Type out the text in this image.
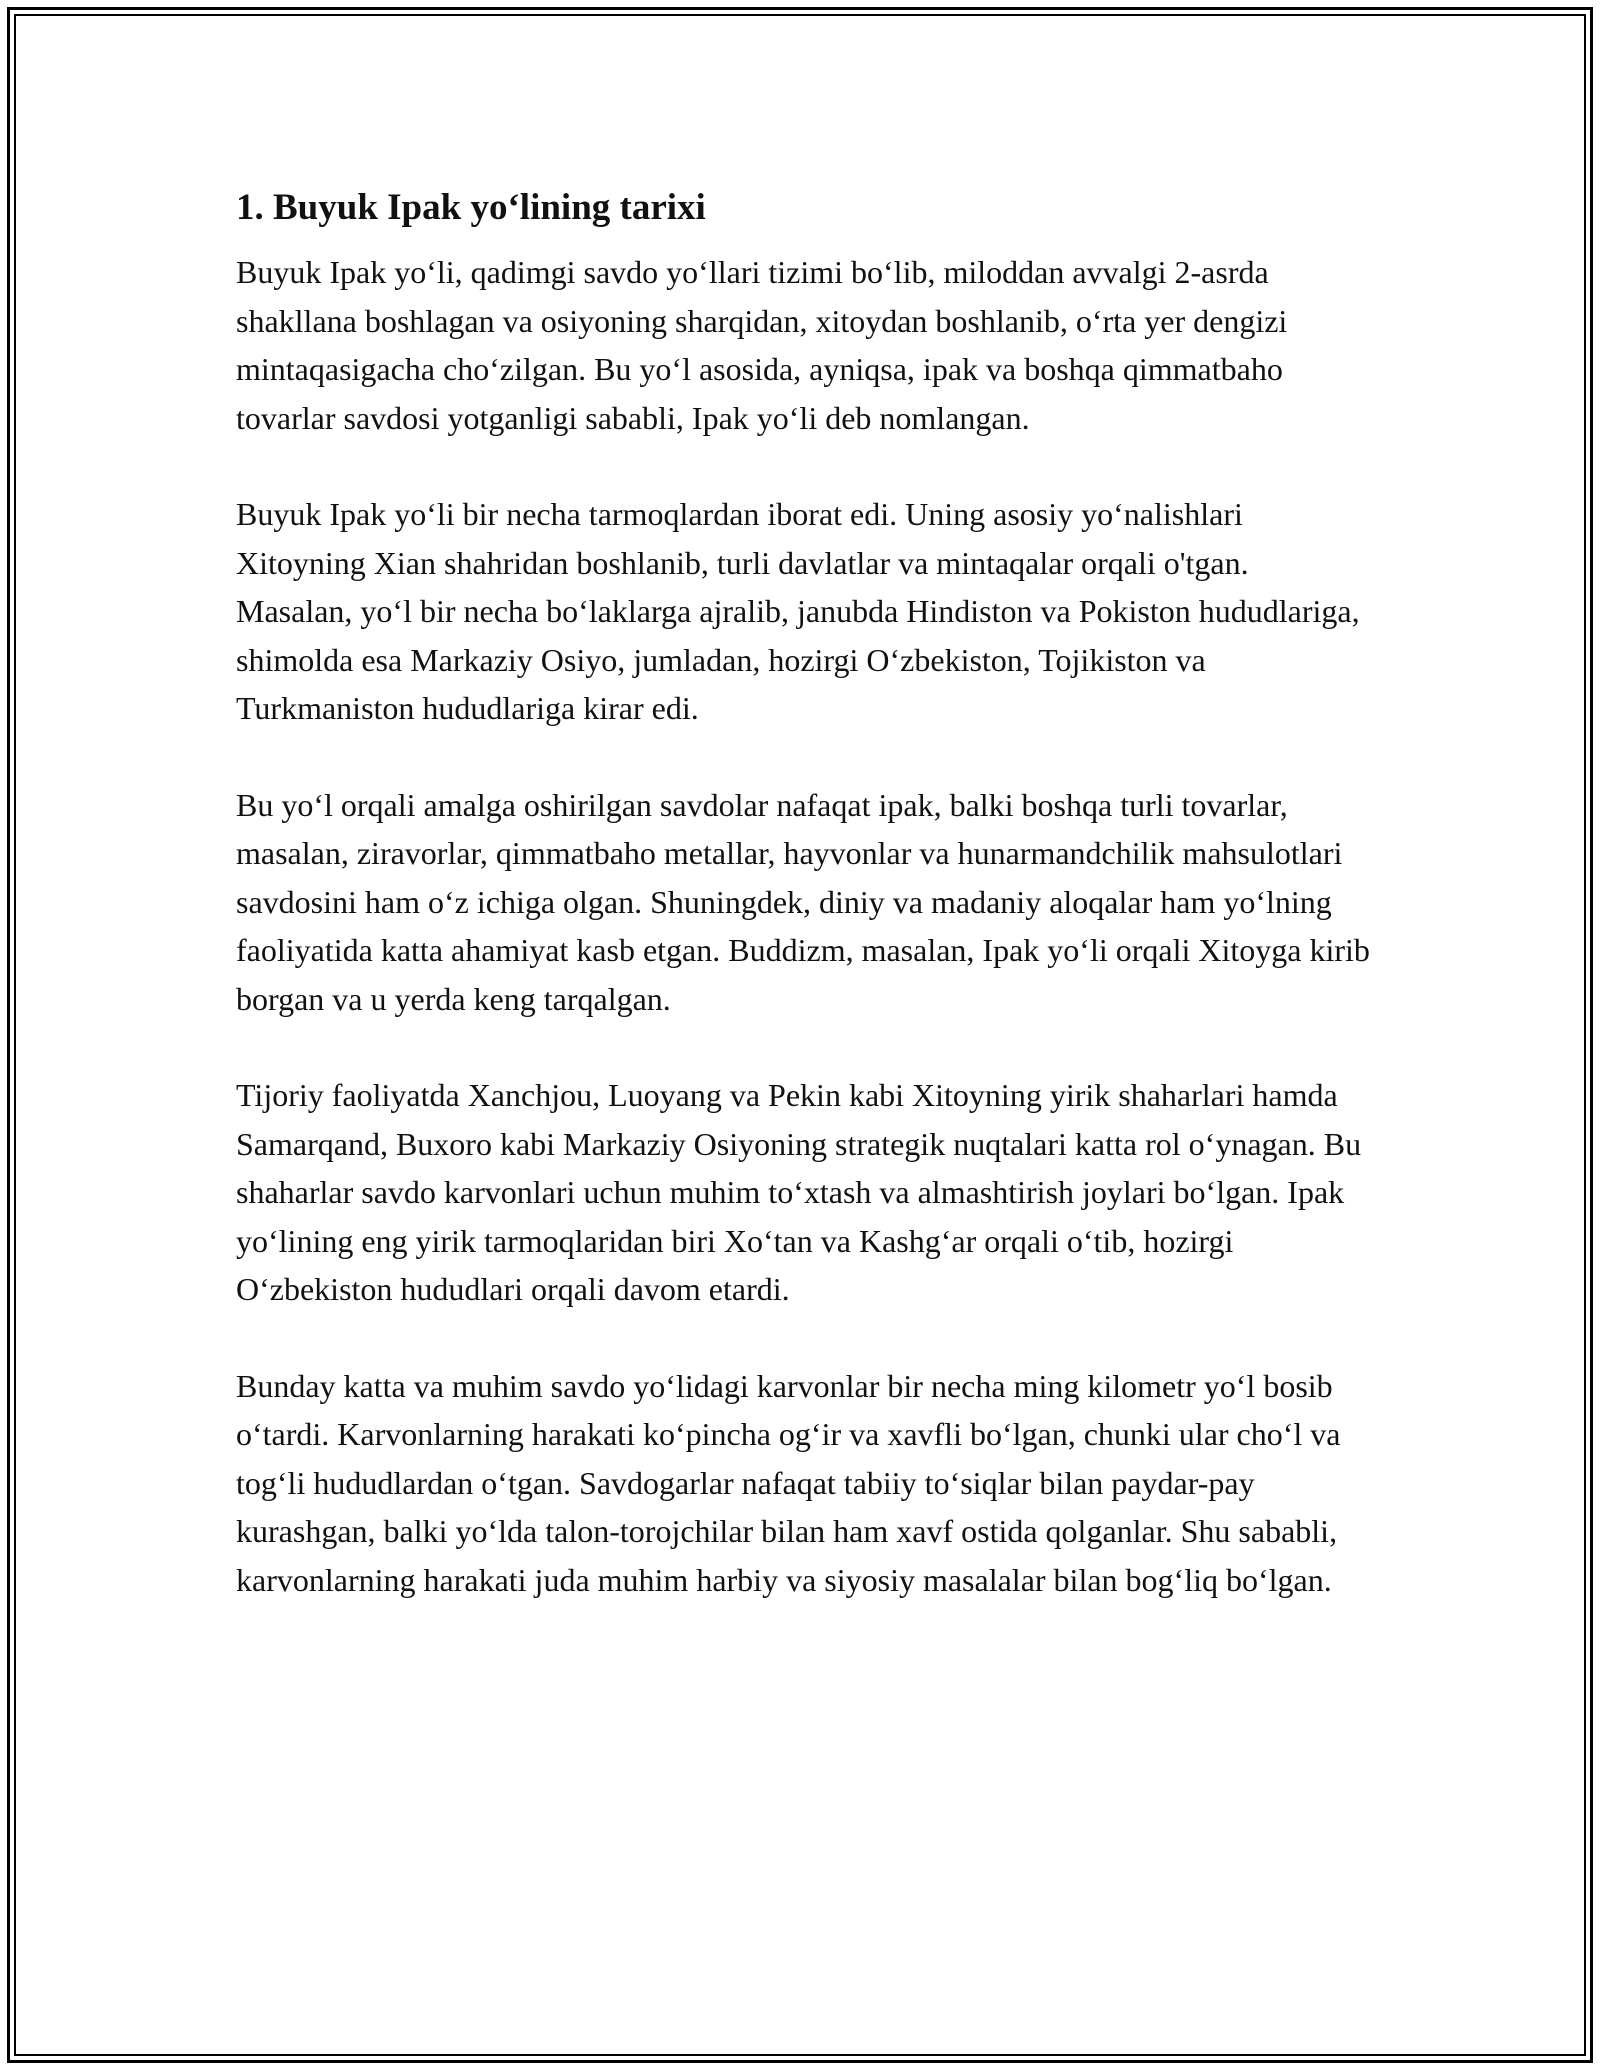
1. Buyuk Ipak yo‘lining tarixi

Buyuk Ipak yo‘li, qadimgi savdo yo‘llari tizimi bo‘lib, miloddan avvalgi 2-asrda shakllana boshlagan va osiyoning sharqidan, xitoydan boshlanib, o‘rta yer dengizi mintaqasigacha cho‘zilgan. Bu yo‘l asosida, ayniqsa, ipak va boshqa qimmatbaho tovarlar savdosi yotganligi sababli, Ipak yo‘li deb nomlangan.

Buyuk Ipak yo‘li bir necha tarmoqlardan iborat edi. Uning asosiy yo‘nalishlari Xitoyning Xian shahridan boshlanib, turli davlatlar va mintaqalar orqali o'tgan. Masalan, yo‘l bir necha bo‘laklarga ajralib, janubda Hindiston va Pokiston hududlariga, shimolda esa Markaziy Osiyo, jumladan, hozirgi O‘zbekiston, Tojikiston va Turkmaniston hududlariga kirar edi.

Bu yo‘l orqali amalga oshirilgan savdolar nafaqat ipak, balki boshqa turli tovarlar, masalan, ziravorlar, qimmatbaho metallar, hayvonlar va hunarmandchilik mahsulotlari savdosini ham o‘z ichiga olgan. Shuningdek, diniy va madaniy aloqalar ham yo‘lning faoliyatida katta ahamiyat kasb etgan. Buddizm, masalan, Ipak yo‘li orqali Xitoyga kirib borgan va u yerda keng tarqalgan.

Tijoriy faoliyatda Xanchjou, Luoyang va Pekin kabi Xitoyning yirik shaharlari hamda Samarqand, Buxoro kabi Markaziy Osiyoning strategik nuqtalari katta rol o‘ynagan. Bu shaharlar savdo karvonlari uchun muhim to‘xtash va almashtirish joylari bo‘lgan. Ipak yo‘lining eng yirik tarmoqlaridan biri Xo‘tan va Kashg‘ar orqali o‘tib, hozirgi O‘zbekiston hududlari orqali davom etardi.

Bunday katta va muhim savdo yo‘lidagi karvonlar bir necha ming kilometr yo‘l bosib o‘tardi. Karvonlarning harakati ko‘pincha og‘ir va xavfli bo‘lgan, chunki ular cho‘l va tog‘li hududlardan o‘tgan. Savdogarlar nafaqat tabiiy to‘siqlar bilan paydar-pay kurashgan, balki yo‘lda talon-torojchilar bilan ham xavf ostida qolganlar. Shu sababli, karvonlarning harakati juda muhim harbiy va siyosiy masalalar bilan bog‘liq bo‘lgan.
